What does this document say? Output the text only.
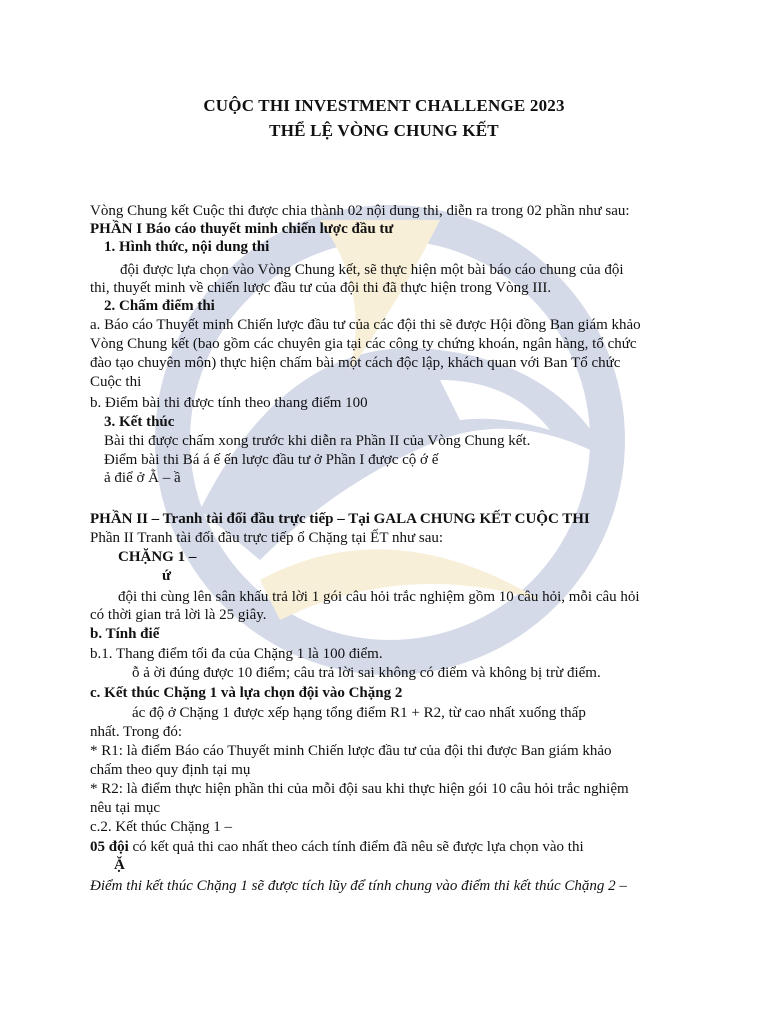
CUỘC THI INVESTMENT CHALLENGE 2023
THỂ LỆ VÒNG CHUNG KẾT
Vòng Chung kết Cuộc thi được chia thành 02 nội dung thi, diễn ra trong 02 phần như sau:
PHẦN I Báo cáo thuyết minh chiến lược đầu tư
1. Hình thức, nội dung thi
đội được lựa chọn vào Vòng Chung kết, sẽ thực hiện một bài báo cáo chung của đội
thi, thuyết minh về chiến lược đầu tư của đội thi đã thực hiện trong Vòng III.
2. Chấm điểm thi
a. Báo cáo Thuyết minh Chiến lược đầu tư của các đội thi sẽ được Hội đồng Ban giám khảo
Vòng Chung kết (bao gồm các chuyên gia tại các công ty chứng khoán, ngân hàng, tổ chức
đào tạo chuyên môn) thực hiện chấm bài một cách độc lập, khách quan với Ban Tổ chức
Cuộc thi
b. Điểm bài thi được tính theo thang điểm 100
3. Kết thúc
Bài thi được chấm xong trước khi diễn ra Phần II của Vòng Chung kết.
Điểm bài thi Bá á ế ến lược đầu tư ở Phần I được cộ ớ ế
ả điể ở Ằ – ầ
PHẦN II – Tranh tài đối đầu trực tiếp – Tại GALA CHUNG KẾT CUỘC THI
Phần II Tranh tài đối đầu trực tiếp ổ Chặng tại ẾT như sau:
CHẶNG 1 –
ứ
đội thi cùng lên sân khấu trả lời 1 gói câu hỏi trắc nghiệm gồm 10 câu hỏi, mỗi câu hỏi
có thời gian trả lời là 25 giây.
b. Tính điể
b.1. Thang điểm tối đa của Chặng 1 là 100 điểm.
ỗ ả ời đúng được 10 điểm; câu trả lời sai không có điểm và không bị trừ điểm.
c. Kết thúc Chặng 1 và lựa chọn đội vào Chặng 2
ác độ ở Chặng 1 được xếp hạng tổng điểm R1 + R2, từ cao nhất xuống thấp
nhất. Trong đó:
* R1: là điểm Báo cáo Thuyết minh Chiến lược đầu tư của đội thi được Ban giám khảo
chấm theo quy định tại mụ
* R2: là điểm thực hiện phần thi của mỗi đội sau khi thực hiện gói 10 câu hỏi trắc nghiệm
nêu tại mục
c.2. Kết thúc Chặng 1 –
05 đội có kết quả thi cao nhất theo cách tính điểm đã nêu sẽ được lựa chọn vào thi
Ặ
Điểm thi kết thúc Chặng 1 sẽ được tích lũy để tính chung vào điểm thi kết thúc Chặng 2 –
